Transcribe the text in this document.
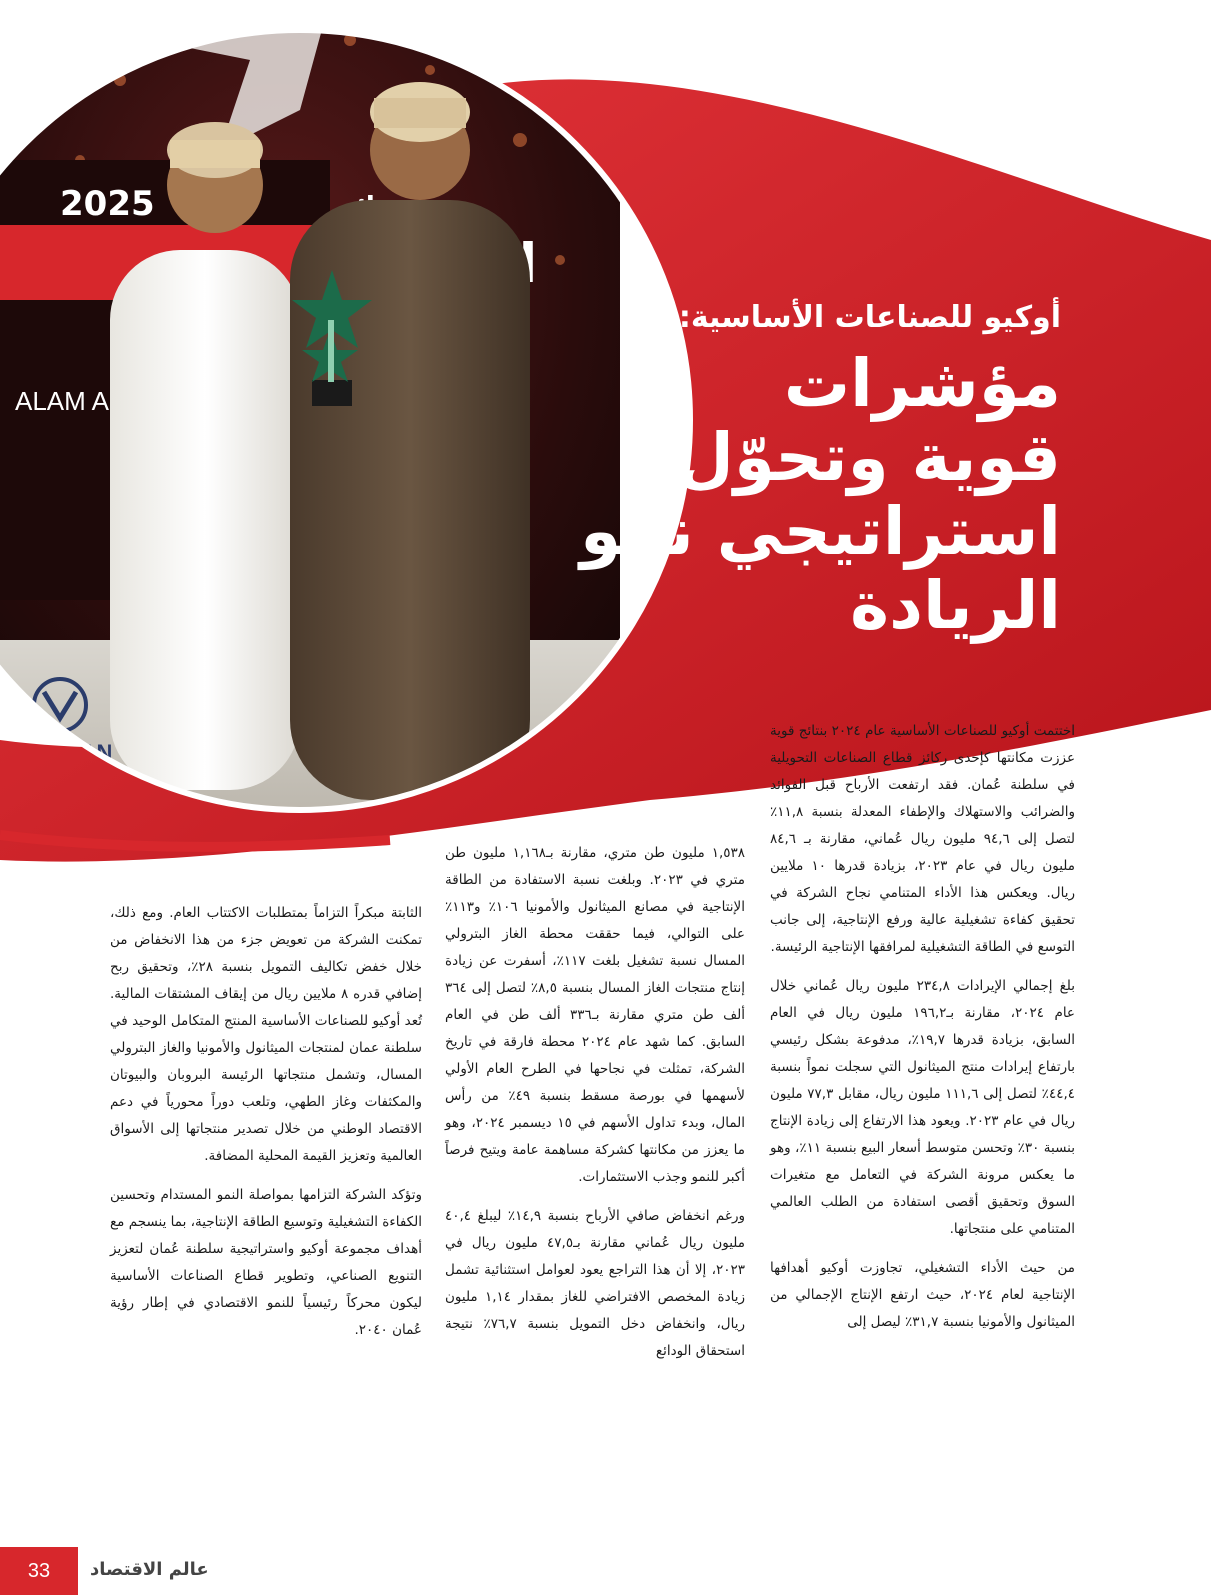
أوكيو للصناعات الأساسية:
مؤشرات
قوية وتحوّل
استراتيجي نحو
الريادة

اختتمت أوكيو للصناعات الأساسية عام ٢٠٢٤ بنتائج قوية عززت مكانتها كإحدى ركائز قطاع الصناعات التحويلية في سلطنة عُمان. فقد ارتفعت الأرباح قبل الفوائد والضرائب والاستهلاك والإطفاء المعدلة بنسبة ١١,٨٪ لتصل إلى ٩٤,٦ مليون ريال عُماني، مقارنة بـ ٨٤,٦ مليون ريال في عام ٢٠٢٣، بزيادة قدرها ١٠ ملايين ريال. ويعكس هذا الأداء المتنامي نجاح الشركة في تحقيق كفاءة تشغيلية عالية ورفع الإنتاجية، إلى جانب التوسع في الطاقة التشغيلية لمرافقها الإنتاجية الرئيسة.

بلغ إجمالي الإيرادات ٢٣٤,٨ مليون ريال عُماني خلال عام ٢٠٢٤، مقارنة بـ١٩٦,٢ مليون ريال في العام السابق، بزيادة قدرها ١٩,٧٪، مدفوعة بشكل رئيسي بارتفاع إيرادات منتج الميثانول التي سجلت نمواً بنسبة ٤٤,٤٪ لتصل إلى ١١١,٦ مليون ريال، مقابل ٧٧,٣ مليون ريال في عام ٢٠٢٣. ويعود هذا الارتفاع إلى زيادة الإنتاج بنسبة ٣٠٪ وتحسن متوسط أسعار البيع بنسبة ١١٪، وهو ما يعكس مرونة الشركة في التعامل مع متغيرات السوق وتحقيق أقصى استفادة من الطلب العالمي المتنامي على منتجاتها.

من حيث الأداء التشغيلي، تجاوزت أوكيو أهدافها الإنتاجية لعام ٢٠٢٤، حيث ارتفع الإنتاج الإجمالي من الميثانول والأمونيا بنسبة ٣١,٧٪ ليصل إلى

١,٥٣٨ مليون طن متري، مقارنة بـ١,١٦٨ مليون طن متري في ٢٠٢٣. وبلغت نسبة الاستفادة من الطاقة الإنتاجية في مصانع الميثانول والأمونيا ١٠٦٪ و١١٣٪ على التوالي، فيما حققت محطة الغاز البترولي المسال نسبة تشغيل بلغت ١١٧٪، أسفرت عن زيادة إنتاج منتجات الغاز المسال بنسبة ٨,٥٪ لتصل إلى ٣٦٤ ألف طن متري مقارنة بـ٣٣٦ ألف طن في العام السابق. كما شهد عام ٢٠٢٤ محطة فارقة في تاريخ الشركة، تمثلت في نجاحها في الطرح العام الأولي لأسهمها في بورصة مسقط بنسبة ٤٩٪ من رأس المال، وبدء تداول الأسهم في ١٥ ديسمبر ٢٠٢٤، وهو ما يعزز من مكانتها كشركة مساهمة عامة ويتيح فرصاً أكبر للنمو وجذب الاستثمارات.

ورغم انخفاض صافي الأرباح بنسبة ١٤,٩٪ ليبلغ ٤٠,٤ مليون ريال عُماني مقارنة بـ٤٧,٥ مليون ريال في ٢٠٢٣، إلا أن هذا التراجع يعود لعوامل استثنائية تشمل زيادة المخصص الافتراضي للغاز بمقدار ١,١٤ مليون ريال، وانخفاض دخل التمويل بنسبة ٧٦,٧٪ نتيجة استحقاق الودائع

الثابتة مبكراً التزاماً بمتطلبات الاكتتاب العام. ومع ذلك، تمكنت الشركة من تعويض جزء من هذا الانخفاض من خلال خفض تكاليف التمويل بنسبة ٢٨٪، وتحقيق ربح إضافي قدره ٨ ملايين ريال من إيقاف المشتقات المالية. تُعد أوكيو للصناعات الأساسية المنتج المتكامل الوحيد في سلطنة عمان لمنتجات الميثانول والأمونيا والغاز البترولي المسال، وتشمل منتجاتها الرئيسة البروبان والبيوتان والمكثفات وغاز الطهي، وتلعب دوراً محورياً في دعم الاقتصاد الوطني من خلال تصدير منتجاتها إلى الأسواق العالمية وتعزيز القيمة المحلية المضافة.

وتؤكد الشركة التزامها بمواصلة النمو المستدام وتحسين الكفاءة التشغيلية وتوسيع الطاقة الإنتاجية، بما ينسجم مع أهداف مجموعة أوكيو واستراتيجية سلطنة عُمان لتعزيز التنويع الصناعي، وتطوير قطاع الصناعات الأساسية ليكون محركاً رئيسياً للنمو الاقتصادي في إطار رؤية عُمان ٢٠٤٠.

33	عالم الاقتصاد
